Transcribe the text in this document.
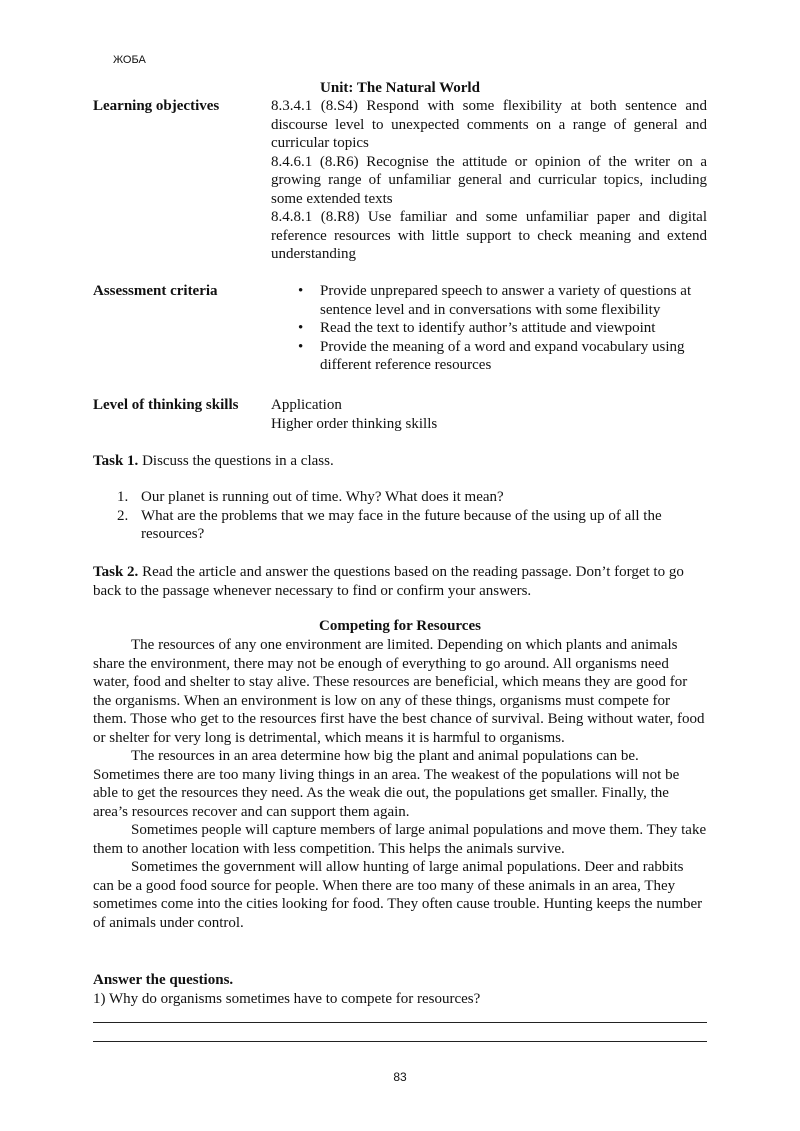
ЖОБА
Unit: The Natural World
Learning objectives	8.3.4.1 (8.S4) Respond with some flexibility at both sentence and discourse level to unexpected comments on a range of general and curricular topics

8.4.6.1 (8.R6) Recognise the attitude or opinion of the writer on a growing range of unfamiliar general and curricular topics, including some extended texts

8.4.8.1 (8.R8) Use familiar and some unfamiliar paper and digital reference resources with little support to check meaning and extend understanding

Assessment criteria	• Provide unprepared speech to answer a variety of questions at sentence level and in conversations with some flexibility
• Read the text to identify author’s attitude and viewpoint
• Provide the meaning of a word and expand vocabulary using different reference resources
Level of thinking skills Application
Higher order thinking skills
Task 1. Discuss the questions in a class.
1. Our planet is running out of time. Why? What does it mean?
2. What are the problems that we may face in the future because of the using up of all the resources?
Task 2. Read the article and answer the questions based on the reading passage. Don’t forget to go back to the passage whenever necessary to find or confirm your answers.
Competing for Resources

The resources of any one environment are limited. Depending on which plants and animals share the environment, there may not be enough of everything to go around. All organisms need water, food and shelter to stay alive. These resources are beneficial, which means they are good for the organisms. When an environment is low on any of these things, organisms must compete for them. Those who get to the resources first have the best chance of survival. Being without water, food or shelter for very long is detrimental, which means it is harmful to organisms.

The resources in an area determine how big the plant and animal populations can be. Sometimes there are too many living things in an area. The weakest of the populations will not be able to get the resources they need. As the weak die out, the populations get smaller. Finally, the area’s resources recover and can support them again.

Sometimes people will capture members of large animal populations and move them. They take them to another location with less competition. This helps the animals survive.

Sometimes the government will allow hunting of large animal populations. Deer and rabbits can be a good food source for people. When there are too many of these animals in an area, They sometimes come into the cities looking for food. They often cause trouble. Hunting keeps the number of animals under control.

Answer the questions.
1) Why do organisms sometimes have to compete for resources?
83
